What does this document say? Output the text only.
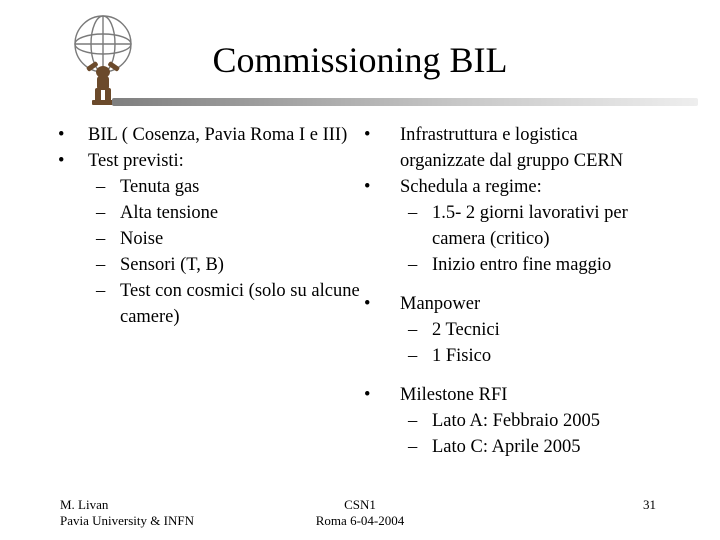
Commissioning BIL
• BIL ( Cosenza, Pavia Roma I e III)
• Test previsti:
– Tenuta gas
– Alta tensione
– Noise
– Sensori (T, B)
– Test con cosmici (solo su alcune camere)
• Infrastruttura e logistica organizzate dal gruppo CERN
• Schedula a regime:
– 1.5- 2 giorni lavorativi per camera (critico)
– Inizio entro fine maggio
• Manpower
– 2 Tecnici
– 1 Fisico
• Milestone RFI
– Lato A: Febbraio 2005
– Lato C: Aprile 2005
M. Livan
Pavia University & INFN
CSN1
Roma 6-04-2004
31
